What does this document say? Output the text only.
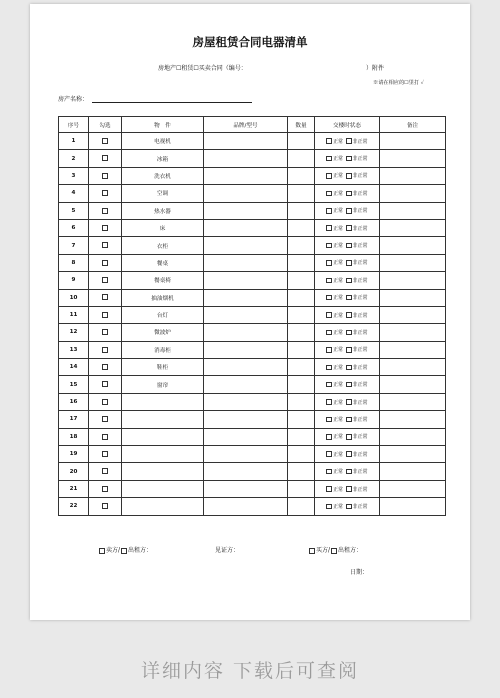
房屋租赁合同电器清单
房地产☐租赁☐买卖合同（编号：	）附件
※请在相应的☐里打 ✓
房产名称：
序号	勾选	物　件	品牌/型号	数量	交楼时状态	备注
1		电视机			正常 非正常	
2		冰箱			正常 非正常	
3		洗衣机			正常 非正常	
4		空调			正常 非正常	
5		热水器			正常 非正常	
6		床			正常 非正常	
7		衣柜			正常 非正常	
8		餐桌			正常 非正常	
9		餐桌椅			正常 非正常	
10		抽油烟机			正常 非正常	
11		台灯			正常 非正常	
12		微波炉			正常 非正常	
13		消毒柜			正常 非正常	
14		鞋柜			正常 非正常	
15		窗帘			正常 非正常	
16					正常 非正常	
17					正常 非正常	
18					正常 非正常	
19					正常 非正常	
20					正常 非正常	
21					正常 非正常	
22					正常 非正常	
卖方/ 出租方：	见证方：	买方/ 出租方：
日期：
详细内容 下载后可查阅
